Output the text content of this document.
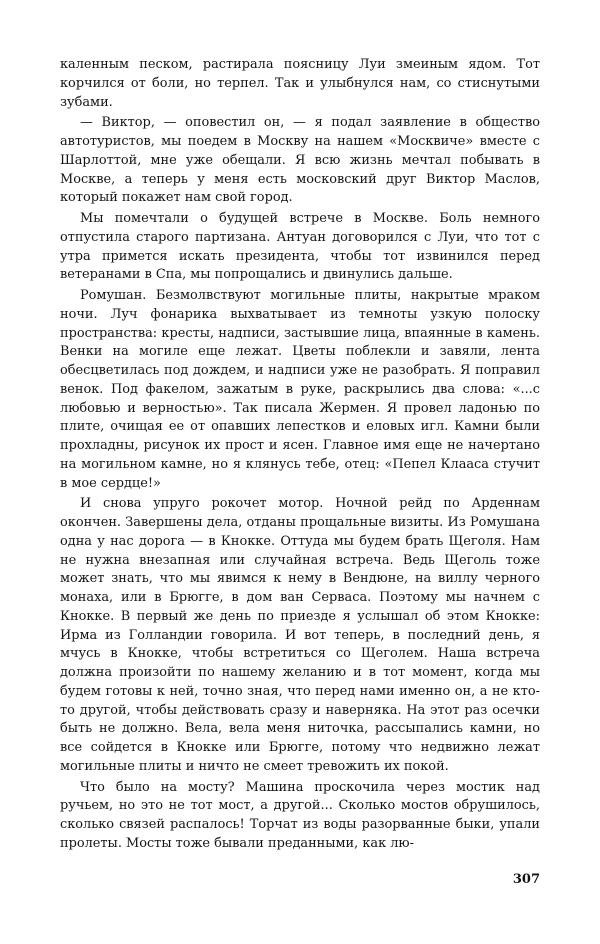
каленным песком, растирала поясницу Луи змеиным ядом. Тот корчился от боли, но терпел. Так и улыбнулся нам, со стиснутыми зубами.

— Виктор, — оповестил он, — я подал заявление в общество автотуристов, мы поедем в Москву на нашем «Москвиче» вместе с Шарлоттой, мне уже обещали. Я всю жизнь мечтал побывать в Москве, а теперь у меня есть московский друг Виктор Маслов, который покажет нам свой город.

Мы помечтали о будущей встрече в Москве. Боль немного отпустила старого партизана. Антуан договорился с Луи, что тот с утра примется искать президента, чтобы тот извинился перед ветеранами в Спа, мы попрощались и двинулись дальше.

Ромушан. Безмолвствуют могильные плиты, накрытые мраком ночи. Луч фонарика выхватывает из темноты узкую полоску пространства: кресты, надписи, застывшие лица, впаянные в камень. Венки на могиле еще лежат. Цветы поблекли и завяли, лента обесцветилась под дождем, и надписи уже не разобрать. Я поправил венок. Под факелом, зажатым в руке, раскрылись два слова: «...с любовью и верностью». Так писала Жермен. Я провел ладонью по плите, очищая ее от опавших лепестков и еловых игл. Камни были прохладны, рисунок их прост и ясен. Главное имя еще не начертано на могильном камне, но я клянусь тебе, отец: «Пепел Клааса стучит в мое сердце!»

И снова упруго рокочет мотор. Ночной рейд по Арденнам окончен. Завершены дела, отданы прощальные визиты. Из Ромушана одна у нас дорога — в Кнокке. Оттуда мы будем брать Щеголя. Нам не нужна внезапная или случайная встреча. Ведь Щеголь тоже может знать, что мы явимся к нему в Вендюне, на виллу черного монаха, или в Брюгге, в дом ван Серваса. Поэтому мы начнем с Кнокке. В первый же день по приезде я услышал об этом Кнокке: Ирма из Голландии говорила. И вот теперь, в последний день, я мчусь в Кнокке, чтобы встретиться со Щеголем. Наша встреча должна произойти по нашему желанию и в тот момент, когда мы будем готовы к ней, точно зная, что перед нами именно он, а не кто-то другой, чтобы действовать сразу и наверняка. На этот раз осечки быть не должно. Вела, вела меня ниточка, рассыпались камни, но все сойдется в Кнокке или Брюгге, потому что недвижно лежат могильные плиты и ничто не смеет тревожить их покой.

Что было на мосту? Машина проскочила через мостик над ручьем, но это не тот мост, а другой... Сколько мостов обрушилось, сколько связей распалось! Торчат из воды разорванные быки, упали пролеты. Мосты тоже бывали преданными, как лю-

307
